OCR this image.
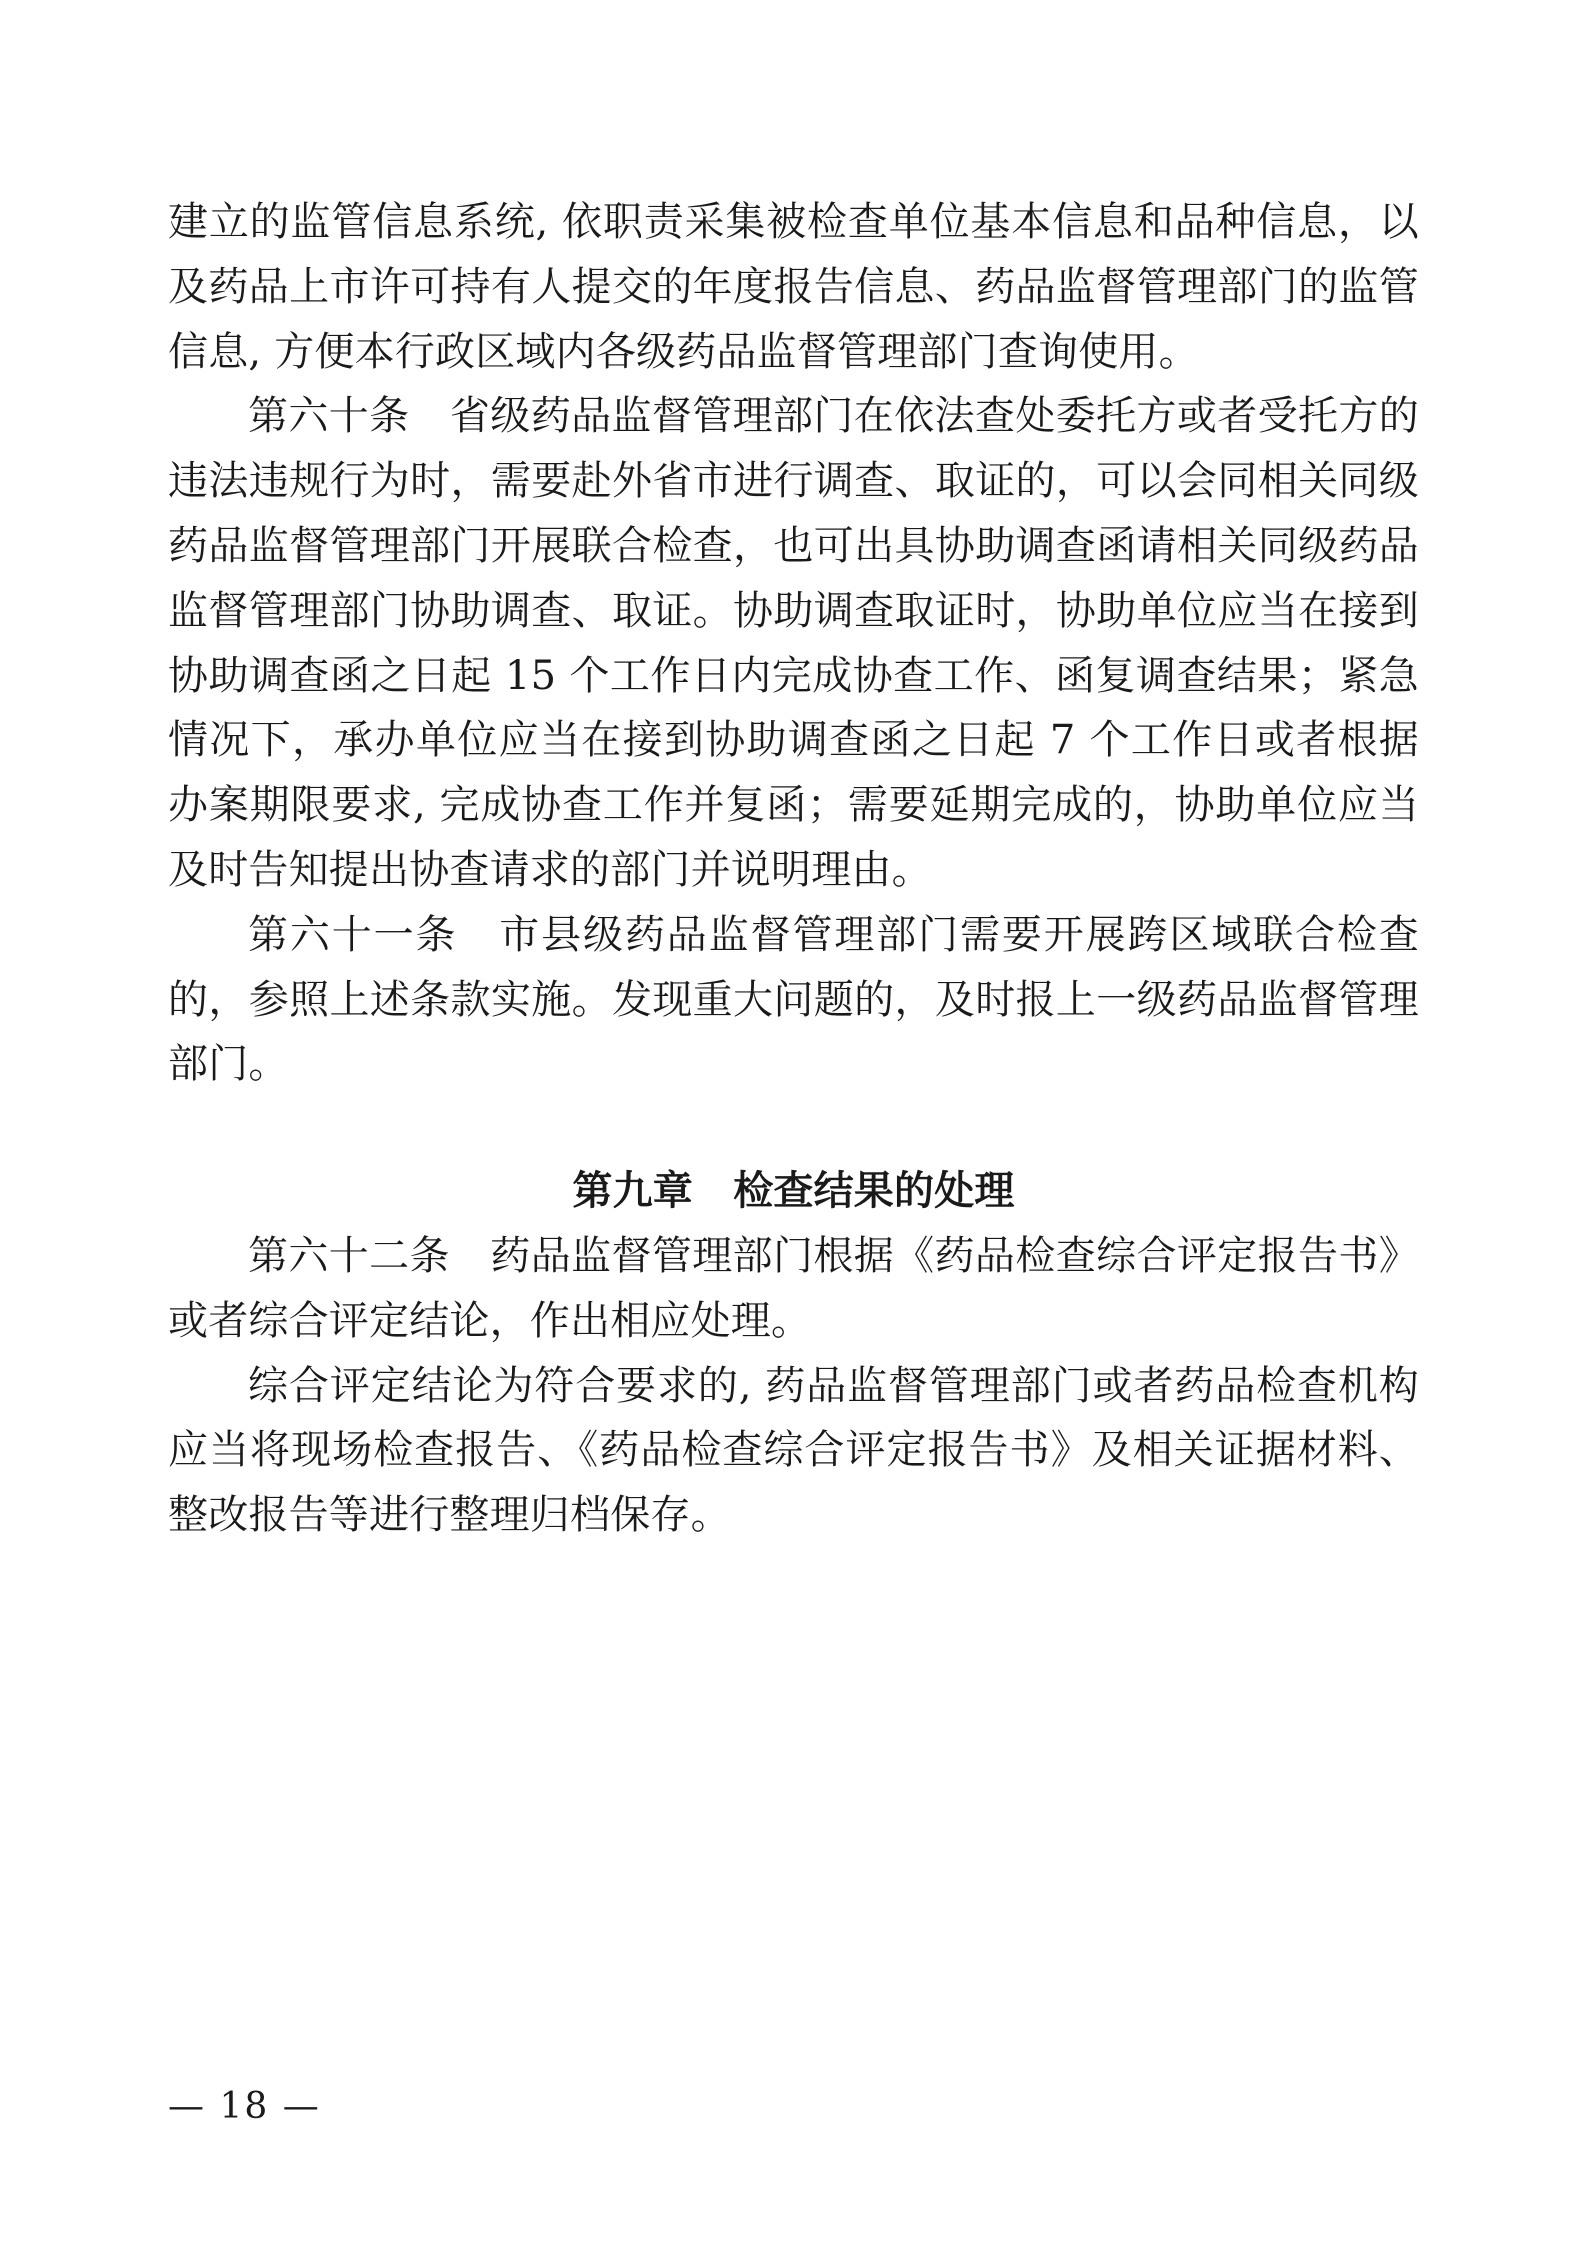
建立的监管信息系统, 依职责采集被检查单位基本信息和品种信息，以及药品上市许可持有人提交的年度报告信息、药品监督管理部门的监管信息, 方便本行政区域内各级药品监督管理部门查询使用。

第六十条　省级药品监督管理部门在依法查处委托方或者受托方的违法违规行为时，需要赴外省市进行调查、取证的，可以会同相关同级药品监督管理部门开展联合检查，也可出具协助调查函请相关同级药品监督管理部门协助调查、取证。协助调查取证时，协助单位应当在接到协助调查函之日起 15 个工作日内完成协查工作、函复调查结果；紧急情况下，承办单位应当在接到协助调查函之日起 7 个工作日或者根据办案期限要求, 完成协查工作并复函；需要延期完成的，协助单位应当及时告知提出协查请求的部门并说明理由。

第六十一条　市县级药品监督管理部门需要开展跨区域联合检查的，参照上述条款实施。发现重大问题的，及时报上一级药品监督管理部门。

第九章　检查结果的处理

第六十二条　药品监督管理部门根据《药品检查综合评定报告书》或者综合评定结论，作出相应处理。

综合评定结论为符合要求的, 药品监督管理部门或者药品检查机构应当将现场检查报告、《药品检查综合评定报告书》及相关证据材料、整改报告等进行整理归档保存。

— 18 —
